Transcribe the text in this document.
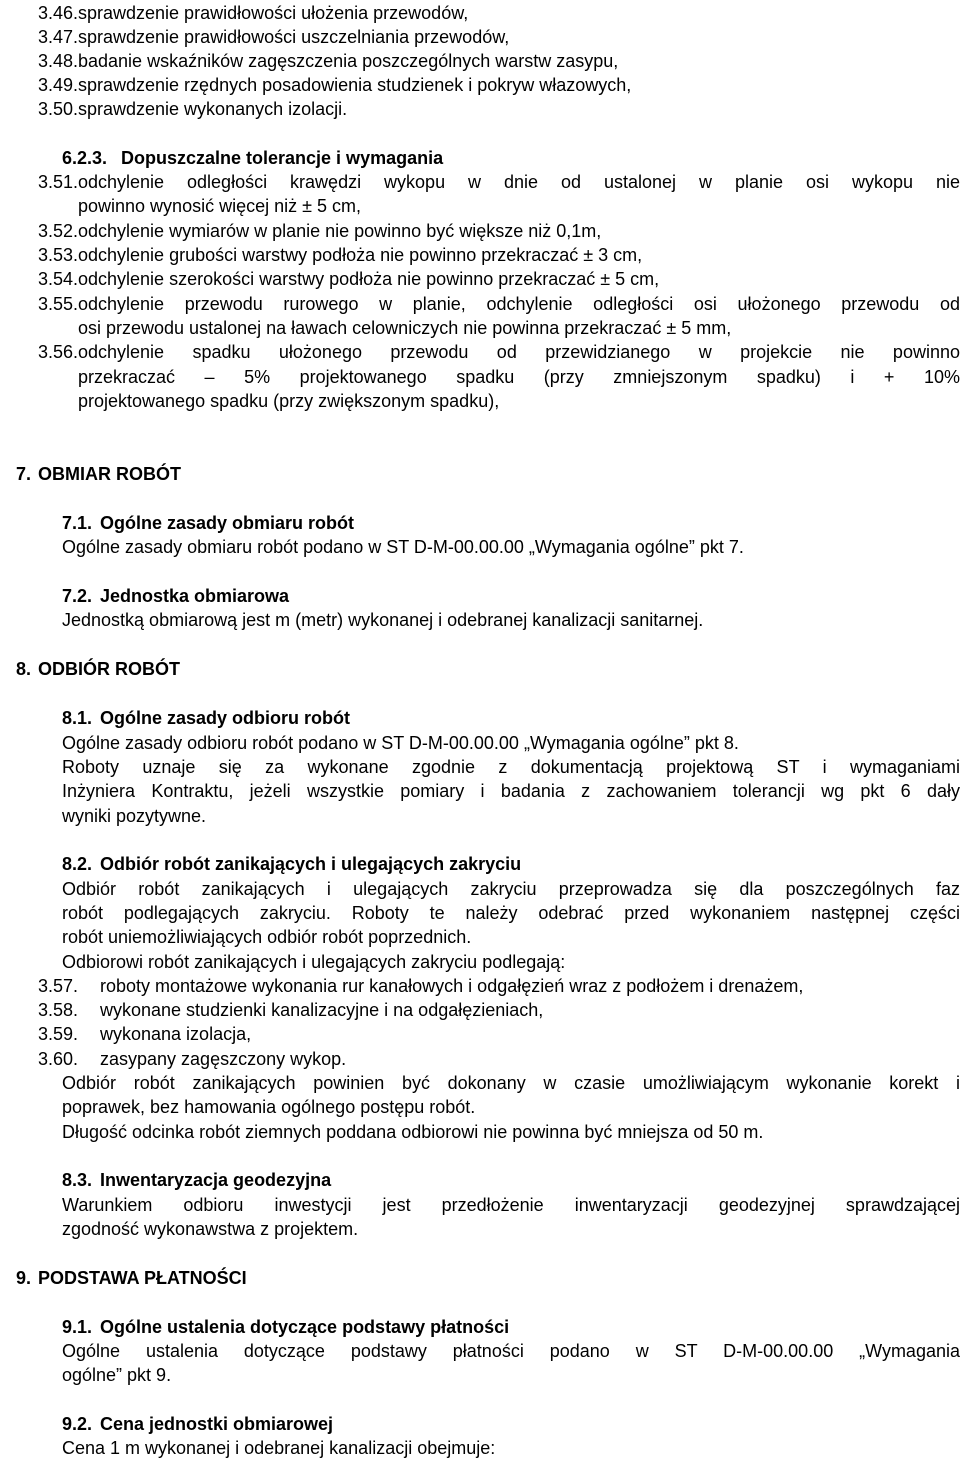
3.46. sprawdzenie prawidłowości ułożenia przewodów,
3.47. sprawdzenie prawidłowości uszczelniania przewodów,
3.48. badanie wskaźników zagęszczenia poszczególnych warstw zasypu,
3.49. sprawdzenie rzędnych posadowienia studzienek i pokryw włazowych,
3.50. sprawdzenie wykonanych izolacji.
6.2.3. Dopuszczalne tolerancje i wymagania
3.51. odchylenie odległości krawędzi wykopu w dnie od ustalonej w planie osi wykopu nie
powinno wynosić więcej niż ± 5 cm,
3.52. odchylenie wymiarów w planie nie powinno być większe niż 0,1m,
3.53. odchylenie grubości warstwy podłoża nie powinno przekraczać ± 3 cm,
3.54. odchylenie szerokości warstwy podłoża nie powinno przekraczać ± 5 cm,
3.55. odchylenie przewodu rurowego w planie, odchylenie odległości osi ułożonego przewodu od
osi przewodu ustalonej na ławach celowniczych nie powinna przekraczać ± 5 mm,
3.56. odchylenie spadku ułożonego przewodu od przewidzianego w projekcie nie powinno
przekraczać – 5% projektowanego spadku (przy zmniejszonym spadku) i + 10%
projektowanego spadku (przy zwiększonym spadku),
7. OBMIAR ROBÓT
7.1. Ogólne zasady obmiaru robót
Ogólne zasady obmiaru robót podano w ST D-M-00.00.00 „Wymagania ogólne” pkt 7.
7.2. Jednostka obmiarowa
Jednostką obmiarową jest m (metr) wykonanej i odebranej kanalizacji sanitarnej.
8. ODBIÓR ROBÓT
8.1. Ogólne zasady odbioru robót
Ogólne zasady odbioru robót podano w ST D-M-00.00.00 „Wymagania ogólne” pkt 8.
Roboty uznaje się za wykonane zgodnie z dokumentacją projektową ST i wymaganiami
Inżyniera Kontraktu, jeżeli wszystkie pomiary i badania z zachowaniem tolerancji wg pkt 6 dały
wyniki pozytywne.
8.2. Odbiór robót zanikających i ulegających zakryciu
Odbiór robót zanikających i ulegających zakryciu przeprowadza się dla poszczególnych faz
robót podlegających zakryciu. Roboty te należy odebrać przed wykonaniem następnej części
robót uniemożliwiających odbiór robót poprzednich.
Odbiorowi robót zanikających i ulegających zakryciu podlegają:
3.57. roboty montażowe wykonania rur kanałowych i odgałęzień wraz z podłożem i drenażem,
3.58. wykonane studzienki kanalizacyjne i na odgałęzieniach,
3.59. wykonana izolacja,
3.60. zasypany zagęszczony wykop.
Odbiór robót zanikających powinien być dokonany w czasie umożliwiającym wykonanie korekt i
poprawek, bez hamowania ogólnego postępu robót.
Długość odcinka robót ziemnych poddana odbiorowi nie powinna być mniejsza od 50 m.
8.3. Inwentaryzacja geodezyjna
Warunkiem odbioru inwestycji jest przedłożenie inwentaryzacji geodezyjnej sprawdzającej
zgodność wykonawstwa z projektem.
9. PODSTAWA PŁATNOŚCI
9.1. Ogólne ustalenia dotyczące podstawy płatności
Ogólne ustalenia dotyczące podstawy płatności podano w ST D-M-00.00.00 „Wymagania
ogólne” pkt 9.
9.2. Cena jednostki obmiarowej
Cena 1 m wykonanej i odebranej kanalizacji obejmuje:
